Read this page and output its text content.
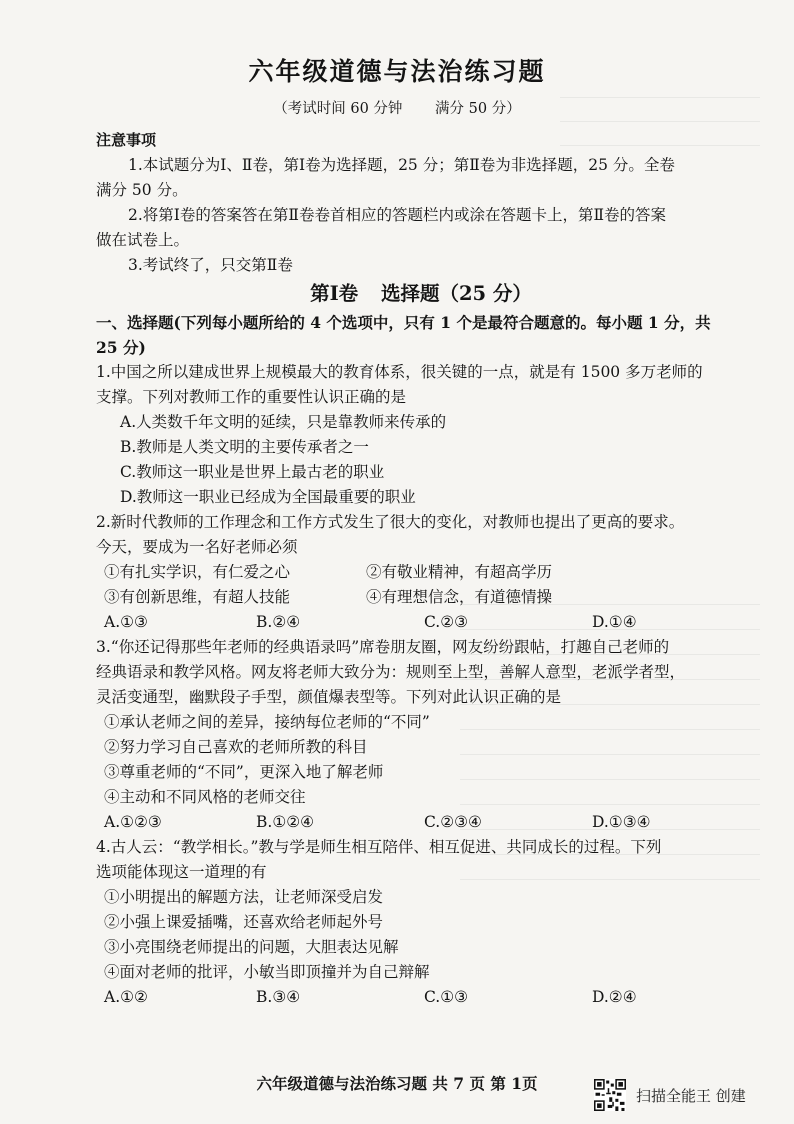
六年级道德与法治练习题
（考试时间 60 分钟 满分 50 分）
注意事项
1.本试题分为Ⅰ、Ⅱ卷，第Ⅰ卷为选择题，25 分；第Ⅱ卷为非选择题，25 分。全卷
满分 50 分。
2.将第Ⅰ卷的答案答在第Ⅱ卷卷首相应的答题栏内或涂在答题卡上，第Ⅱ卷的答案
做在试卷上。
3.考试终了，只交第Ⅱ卷
第Ⅰ卷 选择题（25 分）
一、选择题(下列每小题所给的 4 个选项中，只有 1 个是最符合题意的。每小题 1 分，共
25 分)
1.中国之所以建成世界上规模最大的教育体系，很关键的一点，就是有 1500 多万老师的
支撑。下列对教师工作的重要性认识正确的是
A.人类数千年文明的延续，只是靠教师来传承的
B.教师是人类文明的主要传承者之一
C.教师这一职业是世界上最古老的职业
D.教师这一职业已经成为全国最重要的职业
2.新时代教师的工作理念和工作方式发生了很大的变化，对教师也提出了更高的要求。
今天，要成为一名好老师必须
①有扎实学识，有仁爱之心	②有敬业精神，有超高学历
③有创新思维，有超人技能	④有理想信念，有道德情操
A.①③	B.②④	C.②③	D.①④
3.“你还记得那些年老师的经典语录吗”席卷朋友圈，网友纷纷跟帖，打趣自己老师的
经典语录和教学风格。网友将老师大致分为：规则至上型，善解人意型，老派学者型，
灵活变通型，幽默段子手型，颜值爆表型等。下列对此认识正确的是
①承认老师之间的差异，接纳每位老师的“不同”
②努力学习自己喜欢的老师所教的科目
③尊重老师的“不同”，更深入地了解老师
④主动和不同风格的老师交往
A.①②③	B.①②④	C.②③④	D.①③④
4.古人云：“教学相长。”教与学是师生相互陪伴、相互促进、共同成长的过程。下列
选项能体现这一道理的有
①小明提出的解题方法，让老师深受启发
②小强上课爱插嘴，还喜欢给老师起外号
③小亮围绕老师提出的问题，大胆表达见解
④面对老师的批评，小敏当即顶撞并为自己辩解
A.①②	B.③④	C.①③	D.②④
六年级道德与法治练习题 共 7 页 第 1页
扫描全能王 创建
